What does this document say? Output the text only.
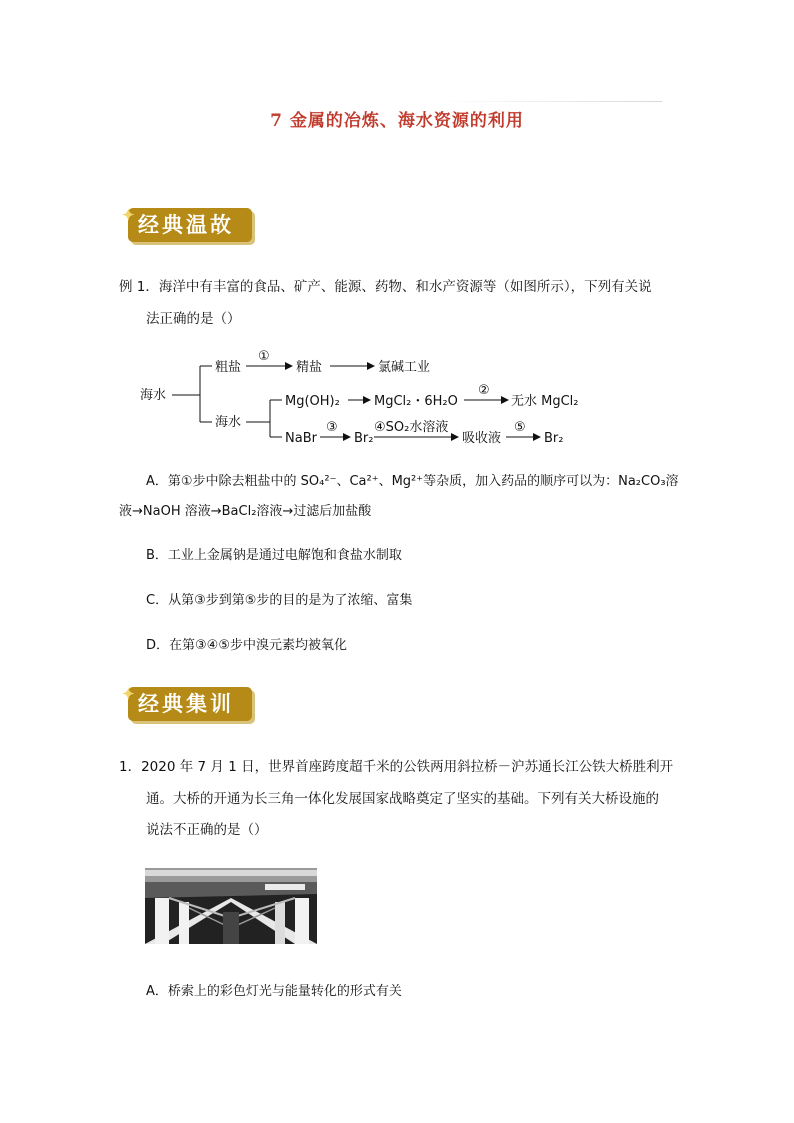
7 金属的冶炼、海水资源的利用
✦ 经典温故
例 1．海洋中有丰富的食品、矿产、能源、药物、和水产资源等（如图所示），下列有关说
法正确的是（）
海水
粗盐
①
精盐	氯碱工业
海水
Mg(OH)₂	MgCl₂・6H₂O
②
无水 MgCl₂
NaBr
③
Br₂
④SO₂水溶液
吸收液
⑤
Br₂
A．第①步中除去粗盐中的 SO₄²⁻、Ca²⁺、Mg²⁺等杂质，加入药品的顺序可以为：Na₂CO₃溶
液→NaOH 溶液→BaCl₂溶液→过滤后加盐酸
B．工业上金属钠是通过电解饱和食盐水制取
C．从第③步到第⑤步的目的是为了浓缩、富集
D．在第③④⑤步中溴元素均被氧化
✦ 经典集训
1．2020 年 7 月 1 日，世界首座跨度超千米的公铁两用斜拉桥－沪苏通长江公铁大桥胜利开
通。大桥的开通为长三角一体化发展国家战略奠定了坚实的基础。下列有关大桥设施的
说法不正确的是（）
A．桥索上的彩色灯光与能量转化的形式有关
